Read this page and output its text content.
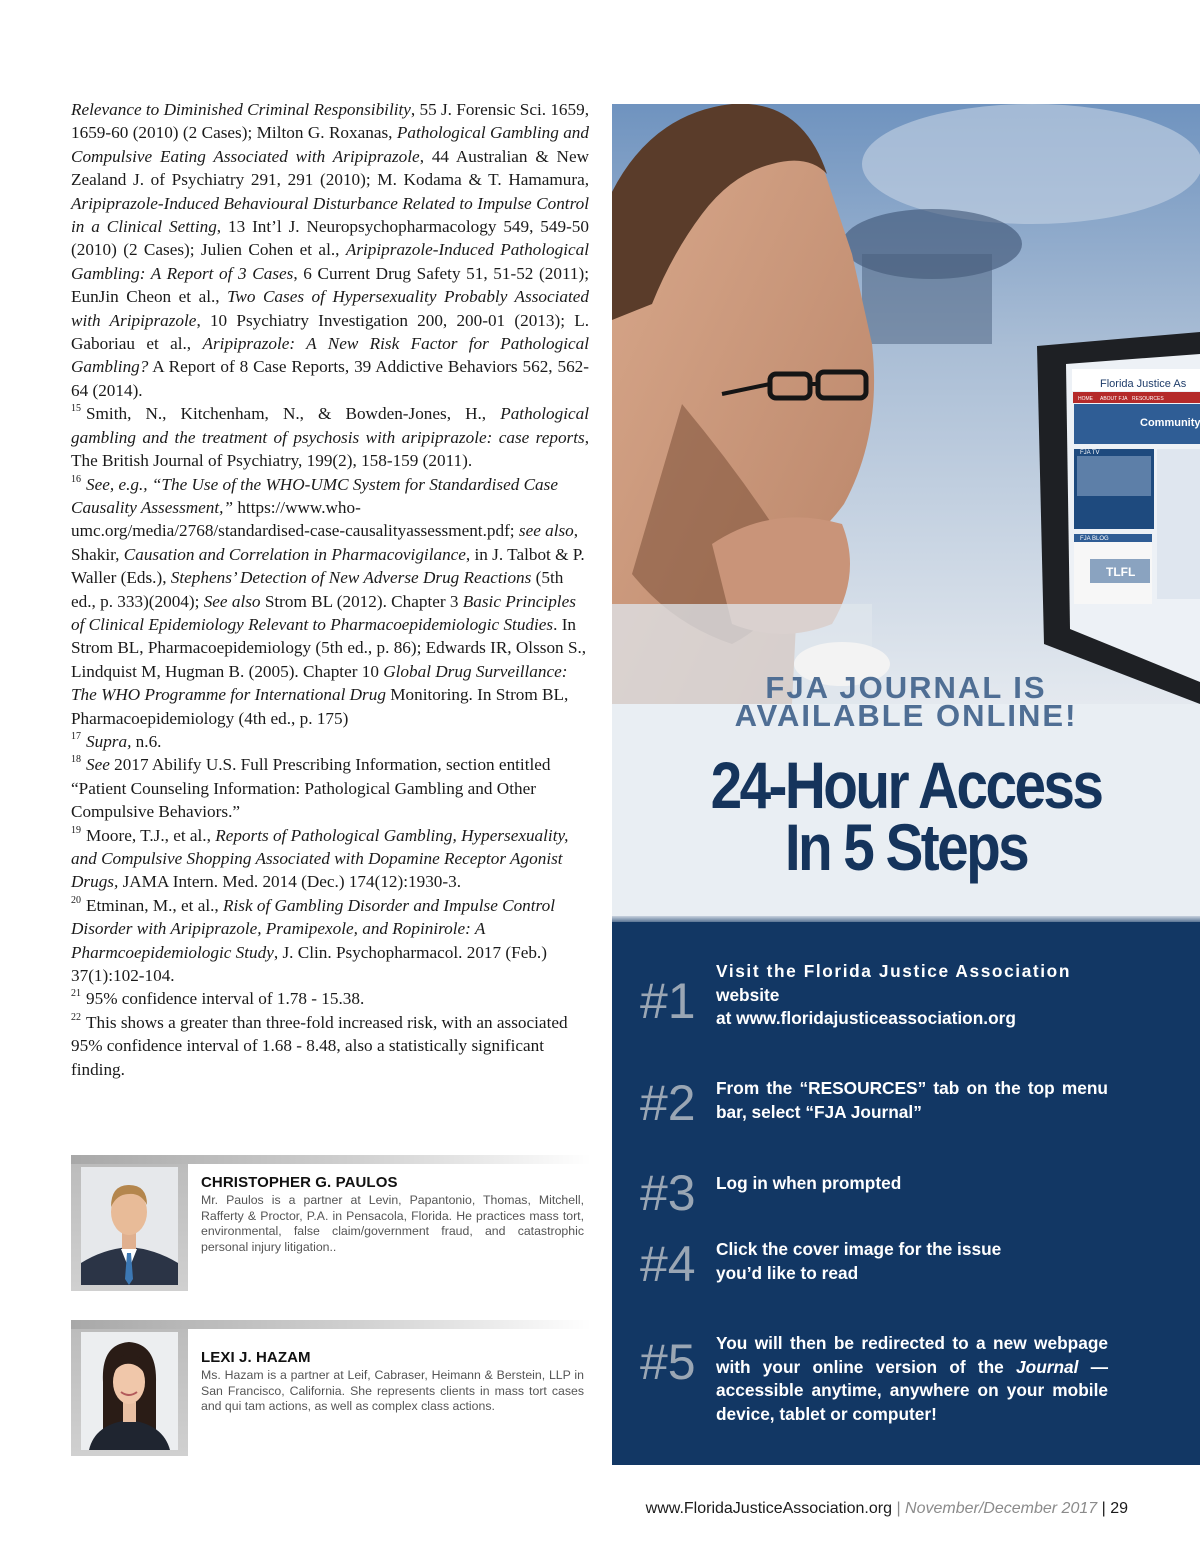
Relevance to Diminished Criminal Responsibility, 55 J. Forensic Sci. 1659, 1659-60 (2010) (2 Cases); Milton G. Roxanas, Pathological Gambling and Compulsive Eating Associated with Aripiprazole, 44 Australian & New Zealand J. of Psychiatry 291, 291 (2010); M. Kodama & T. Hamamura, Aripiprazole-Induced Behavioural Disturbance Related to Impulse Control in a Clinical Setting, 13 Int’l J. Neuropsychopharmacology 549, 549-50 (2010) (2 Cases); Julien Cohen et al., Aripiprazole-Induced Pathological Gambling: A Report of 3 Cases, 6 Current Drug Safety 51, 51-52 (2011); EunJin Cheon et al., Two Cases of Hypersexuality Probably Associated with Aripiprazole, 10 Psychiatry Investigation 200, 200-01 (2013); L. Gaboriau et al., Aripiprazole: A New Risk Factor for Pathological Gambling? A Report of 8 Case Reports, 39 Addictive Behaviors 562, 562-64 (2014).

$^{15}$ Smith, N., Kitchenham, N., & Bowden-Jones, H., Pathological gambling and the treatment of psychosis with aripiprazole: case reports, The British Journal of Psychiatry, 199(2), 158-159 (2011).

$^{16}$ See, e.g., “The Use of the WHO-UMC System for Standardised Case Causality Assessment,” https://www.who-umc.org/media/2768/standardised-case-causalityassessment.pdf; see also, Shakir, Causation and Correlation in Pharmacovigilance, in J. Talbot & P. Waller (Eds.), Stephens’ Detection of New Adverse Drug Reactions (5th ed., p. 333)(2004); See also Strom BL (2012). Chapter 3 Basic Principles of Clinical Epidemiology Relevant to Pharmacoepidemiologic Studies. In Strom BL, Pharmacoepidemiology (5th ed., p. 86); Edwards IR, Olsson S., Lindquist M, Hugman B. (2005). Chapter 10 Global Drug Surveillance: The WHO Programme for International Drug Monitoring. In Strom BL, Pharmacoepidemiology (4th ed., p. 175)

$^{17}$ Supra, n.6.

$^{18}$ See 2017 Abilify U.S. Full Prescribing Information, section entitled “Patient Counseling Information: Pathological Gambling and Other Compulsive Behaviors.”

$^{19}$ Moore, T.J., et al., Reports of Pathological Gambling, Hypersexuality, and Compulsive Shopping Associated with Dopamine Receptor Agonist Drugs, JAMA Intern. Med. 2014 (Dec.) 174(12):1930-3.

$^{20}$ Etminan, M., et al., Risk of Gambling Disorder and Impulse Control Disorder with Aripiprazole, Pramipexole, and Ropinirole: A Pharmcoepidemiologic Study, J. Clin. Psychopharmacol. 2017 (Feb.) 37(1):102-104.

$^{21}$ 95% confidence interval of 1.78 - 15.38.

$^{22}$ This shows a greater than three-fold increased risk, with an associated 95% confidence interval of 1.68 - 8.48, also a statistically significant finding.

CHRISTOPHER G. PAULOS

Mr. Paulos is a partner at Levin, Papantonio, Thomas, Mitchell, Rafferty & Proctor, P.A. in Pensacola, Florida. He practices mass tort, environmental, false claim/government fraud, and catastrophic personal injury litigation..

LEXI J. HAZAM

Ms. Hazam is a partner at Leif, Cabraser, Heimann & Berstein, LLP in San Francisco, California. She represents clients in mass tort cases and qui tam actions, as well as complex class actions.

Florida Justice As
HOME ABOUT FJA RESOURCES
Community
FJA TV
FJA BLOG
TLFL
FJA JOURNAL IS
AVAILABLE ONLINE!
24-Hour Access
In 5 Steps
#1
Visit the Florida Justice Association
website
at www.floridajusticeassociation.org
#2 From the “RESOURCES” tab on the top menu bar, select “FJA Journal”
#3 Log in when prompted
#4 Click the cover image for the issue
you’d like to read
#5 You will then be redirected to a new webpage with your online version of the Journal — accessible anytime, anywhere on your mobile device, tablet or computer!
www.FloridaJusticeAssociation.org | November/December 2017 | 29
